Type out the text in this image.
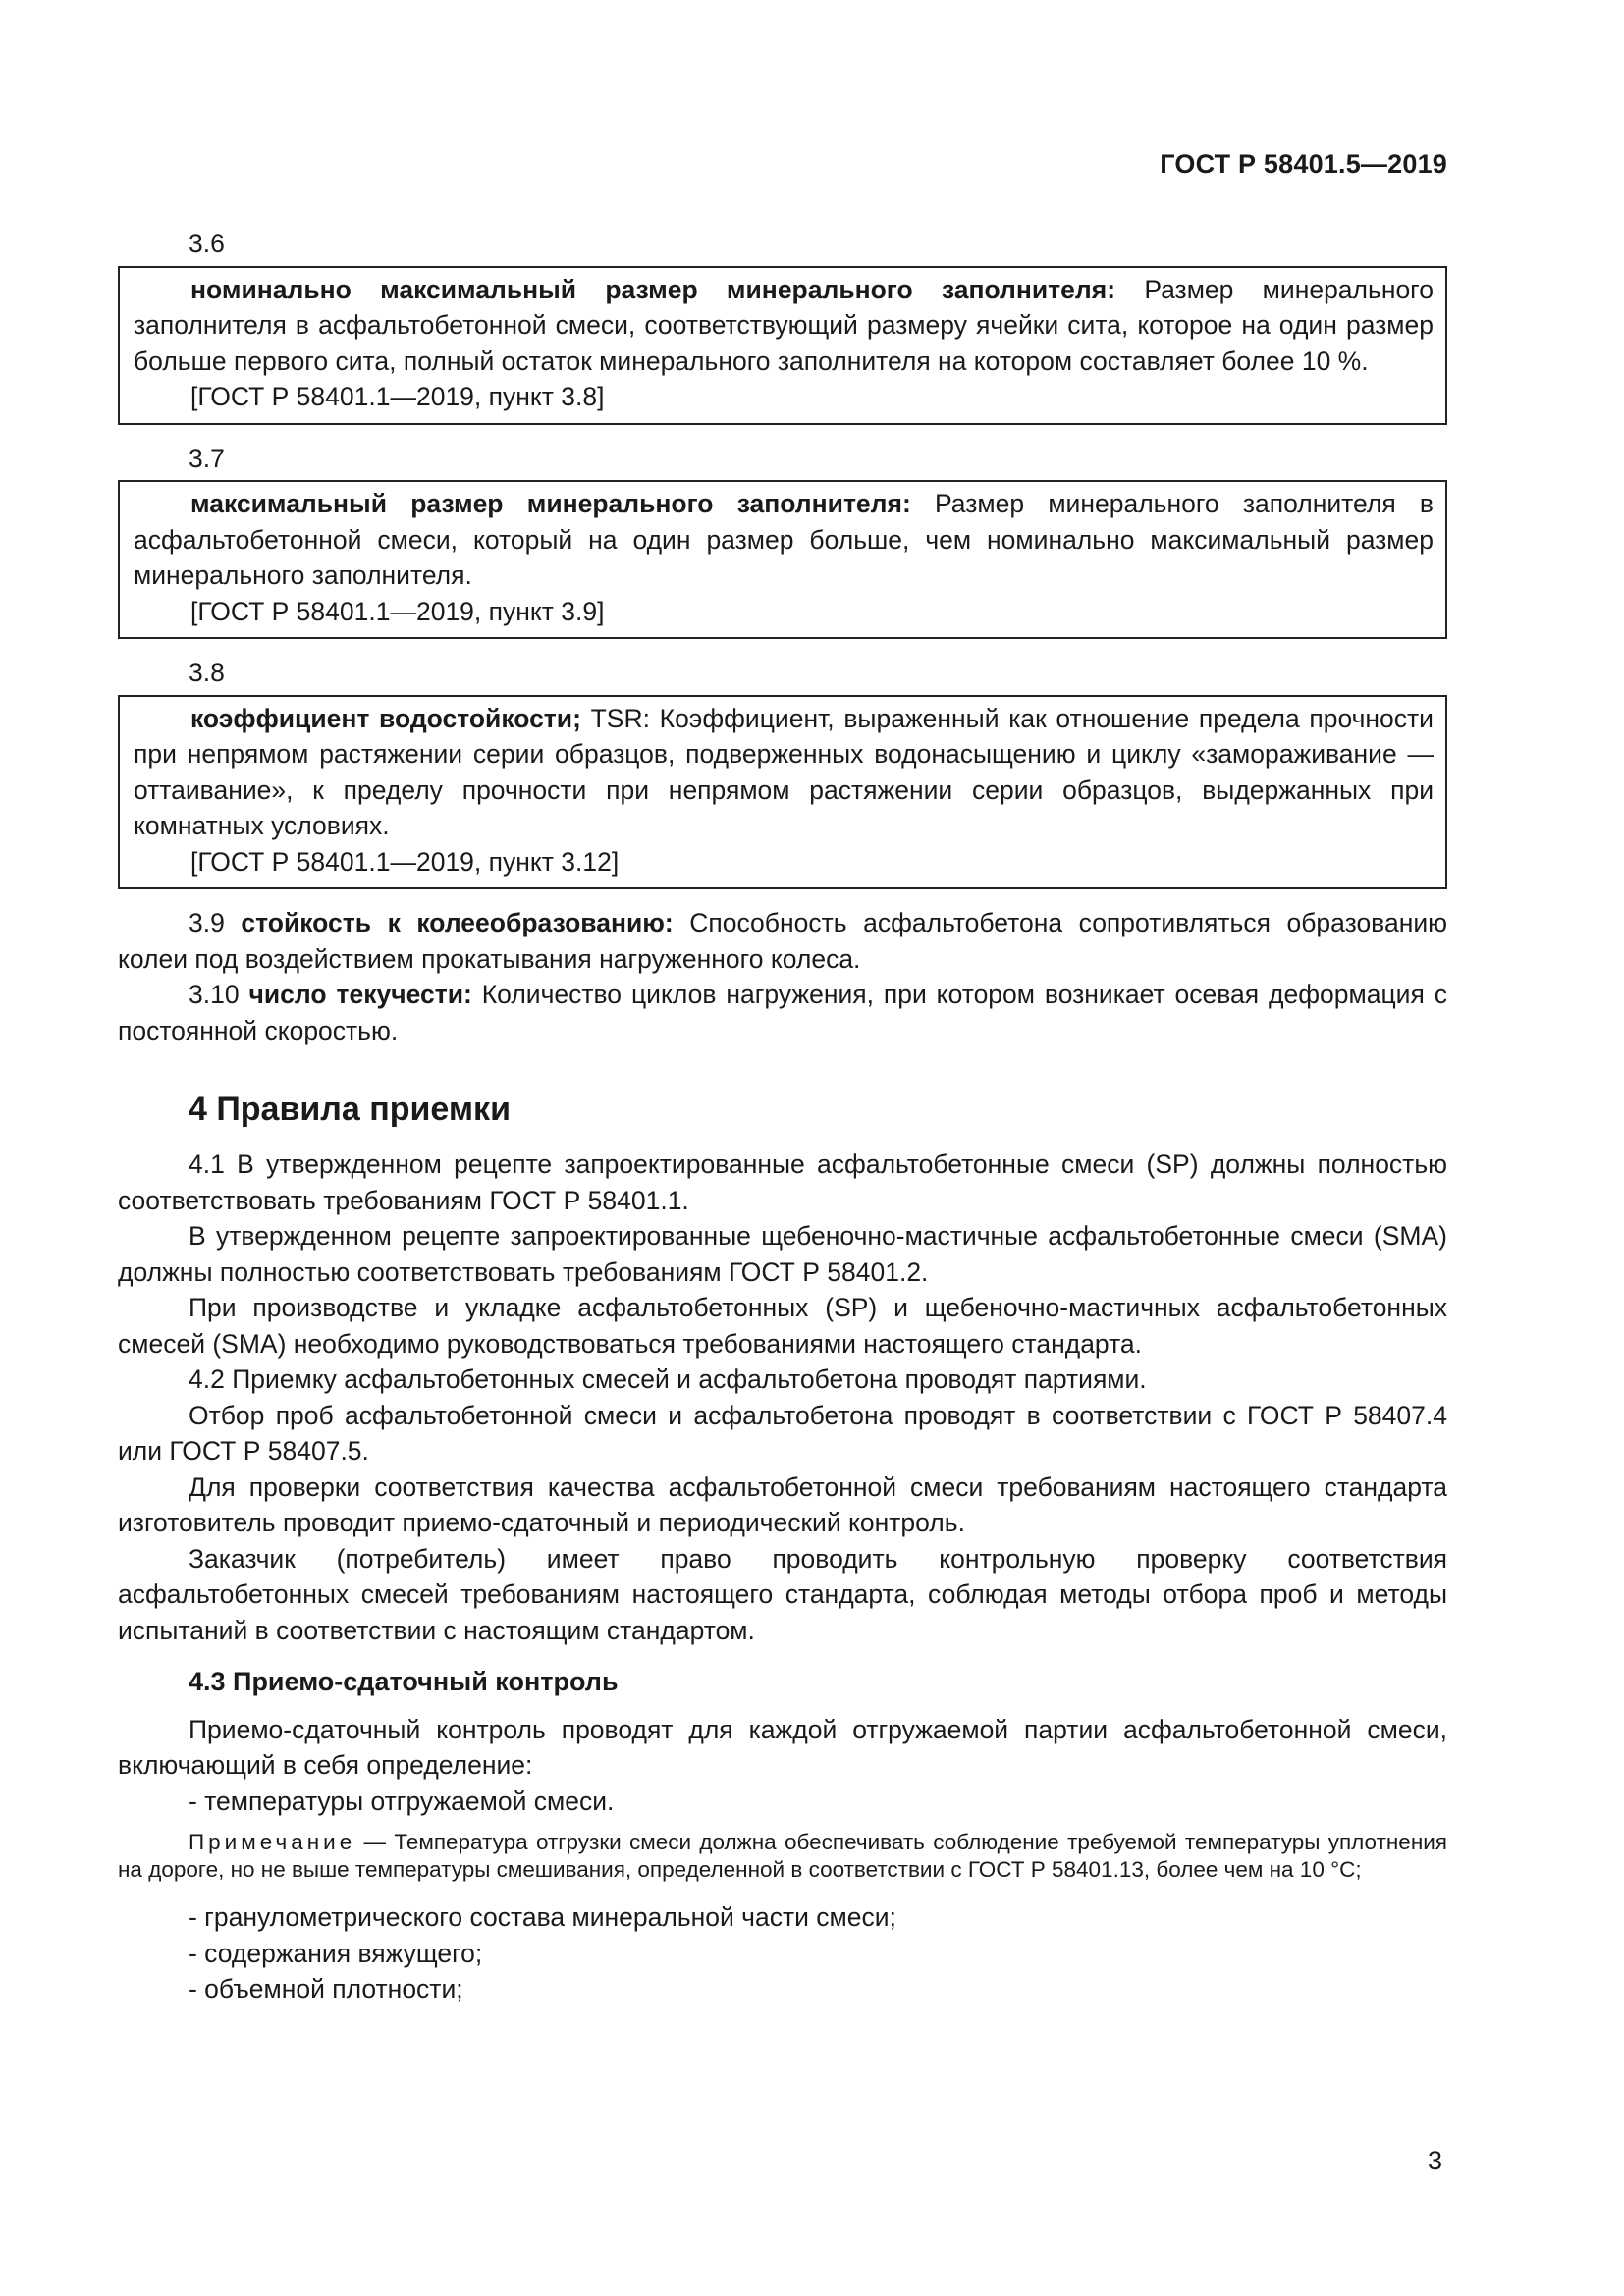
ГОСТ Р 58401.5—2019

3.6

номинально максимальный размер минерального заполнителя: Размер минерального заполнителя в асфальтобетонной смеси, соответствующий размеру ячейки сита, которое на один размер больше первого сита, полный остаток минерального заполнителя на котором составляет более 10 %.

[ГОСТ Р 58401.1—2019, пункт 3.8]

3.7

максимальный размер минерального заполнителя: Размер минерального заполнителя в асфальтобетонной смеси, который на один размер больше, чем номинально максимальный размер минерального заполнителя.

[ГОСТ Р 58401.1—2019, пункт 3.9]

3.8

коэффициент водостойкости; TSR: Коэффициент, выраженный как отношение предела прочности при непрямом растяжении серии образцов, подверженных водонасыщению и циклу «замораживание — оттаивание», к пределу прочности при непрямом растяжении серии образцов, выдержанных при комнатных условиях.

[ГОСТ Р 58401.1—2019, пункт 3.12]

3.9 стойкость к колееобразованию: Способность асфальтобетона сопротивляться образованию колеи под воздействием прокатывания нагруженного колеса.

3.10 число текучести: Количество циклов нагружения, при котором возникает осевая деформация с постоянной скоростью.

4 Правила приемки

4.1 В утвержденном рецепте запроектированные асфальтобетонные смеси (SP) должны полностью соответствовать требованиям ГОСТ Р 58401.1.

В утвержденном рецепте запроектированные щебеночно-мастичные асфальтобетонные смеси (SMA) должны полностью соответствовать требованиям ГОСТ Р 58401.2.

При производстве и укладке асфальтобетонных (SP) и щебеночно-мастичных асфальтобетонных смесей (SMA) необходимо руководствоваться требованиями настоящего стандарта.

4.2 Приемку асфальтобетонных смесей и асфальтобетона проводят партиями.

Отбор проб асфальтобетонной смеси и асфальтобетона проводят в соответствии с ГОСТ Р 58407.4 или ГОСТ Р 58407.5.

Для проверки соответствия качества асфальтобетонной смеси требованиям настоящего стандарта изготовитель проводит приемо-сдаточный и периодический контроль.

Заказчик (потребитель) имеет право проводить контрольную проверку соответствия асфальтобетонных смесей требованиям настоящего стандарта, соблюдая методы отбора проб и методы испытаний в соответствии с настоящим стандартом.

4.3 Приемо-сдаточный контроль

Приемо-сдаточный контроль проводят для каждой отгружаемой партии асфальтобетонной смеси, включающий в себя определение:

- температуры отгружаемой смеси.

Примечание — Температура отгрузки смеси должна обеспечивать соблюдение требуемой температуры уплотнения на дороге, но не выше температуры смешивания, определенной в соответствии с ГОСТ Р 58401.13, более чем на 10 °С;

- гранулометрического состава минеральной части смеси;

- содержания вяжущего;

- объемной плотности;

3
